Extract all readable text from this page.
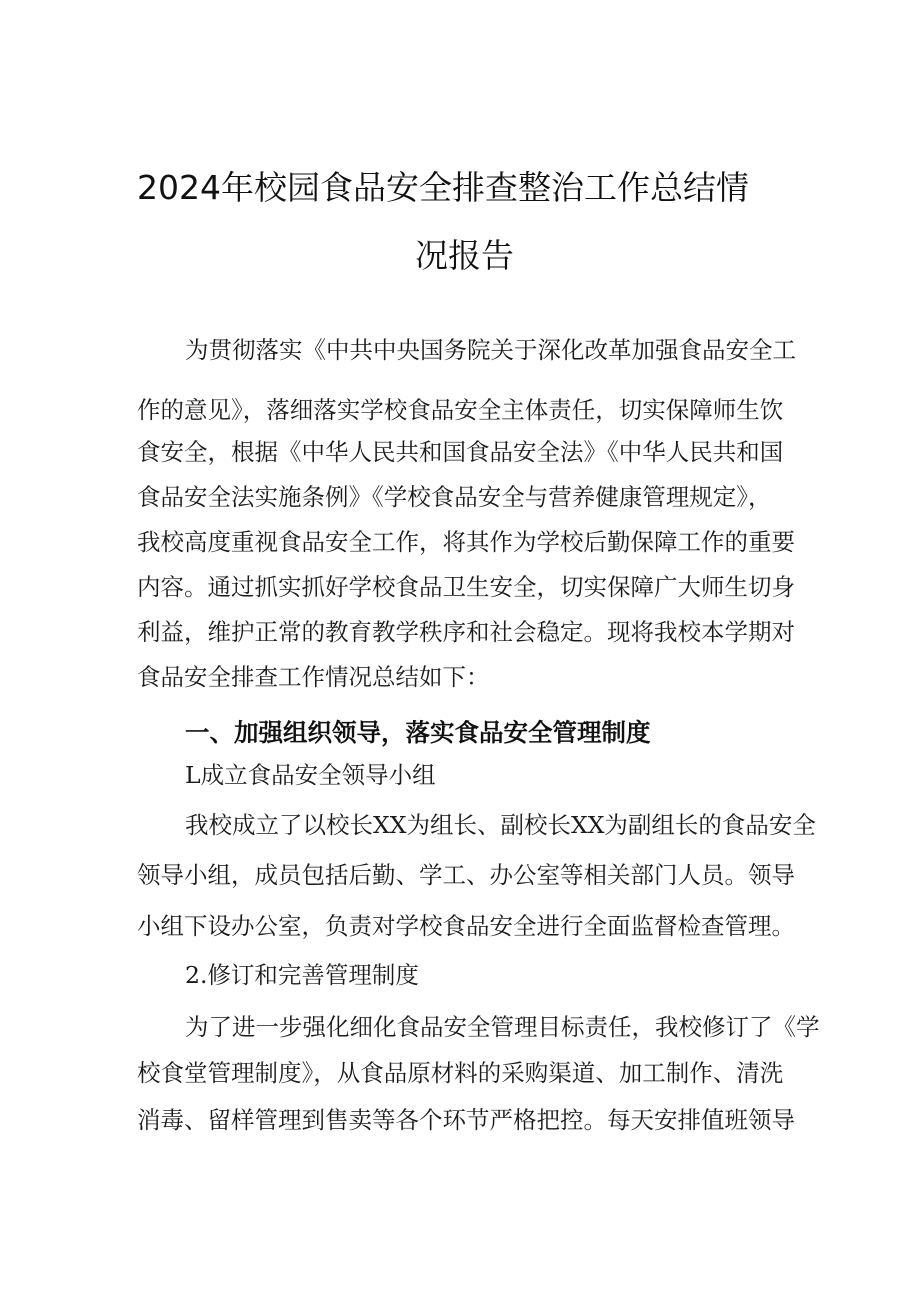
2024年校园食品安全排查整治工作总结情
况报告

为贯彻落实《中共中央国务院关于深化改革加强食品安全工

作的意见》，落细落实学校食品安全主体责任，切实保障师生饮

食安全，根据《中华人民共和国食品安全法》《中华人民共和国

食品安全法实施条例》《学校食品安全与营养健康管理规定》，

我校高度重视食品安全工作，将其作为学校后勤保障工作的重要

内容。通过抓实抓好学校食品卫生安全，切实保障广大师生切身

利益，维护正常的教育教学秩序和社会稳定。现将我校本学期对

食品安全排查工作情况总结如下：

一、加强组织领导，落实食品安全管理制度

L成立食品安全领导小组

我校成立了以校长XX为组长、副校长XX为副组长的食品安全

领导小组，成员包括后勤、学工、办公室等相关部门人员。领导

小组下设办公室，负责对学校食品安全进行全面监督检查管理。

2.修订和完善管理制度

为了进一步强化细化食品安全管理目标责任，我校修订了《学

校食堂管理制度》，从食品原材料的采购渠道、加工制作、清洗

消毒、留样管理到售卖等各个环节严格把控。每天安排值班领导
